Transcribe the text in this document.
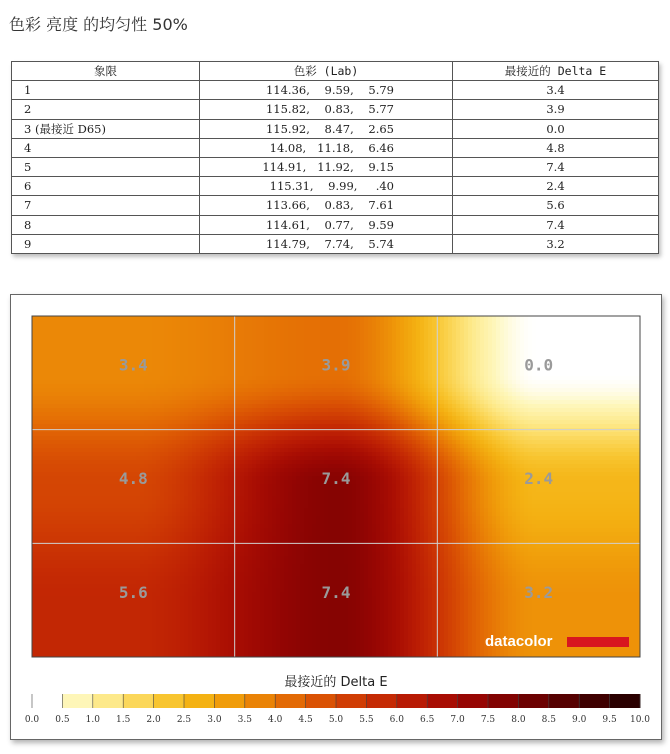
色彩 亮度 的均匀性 50%
象限	色彩 (Lab)	最接近的 Delta E
1	114.36,    9.59,    5.79	3.4
2	115.82,    0.83,    5.77	3.9
3 (最接近 D65)	115.92,    8.47,    2.65	0.0
4	14.08,   11.18,    6.46	4.8
5	114.91,   11.92,    9.15	7.4
6	115.31,    9.99,     .40	2.4
7	113.66,    0.83,    7.61	5.6
8	114.61,    0.77,    9.59	7.4
9	114.79,    7.74,    5.74	3.2
3.4	3.9	0.0
4.8	7.4	2.4
5.6	7.4	3.2
datacolor
最接近的 Delta E
0.0 0.5 1.0 1.5 2.0 2.5 3.0 3.5 4.0 4.5 5.0 5.5 6.0 6.5 7.0 7.5 8.0 8.5 9.0 9.5 10.0
